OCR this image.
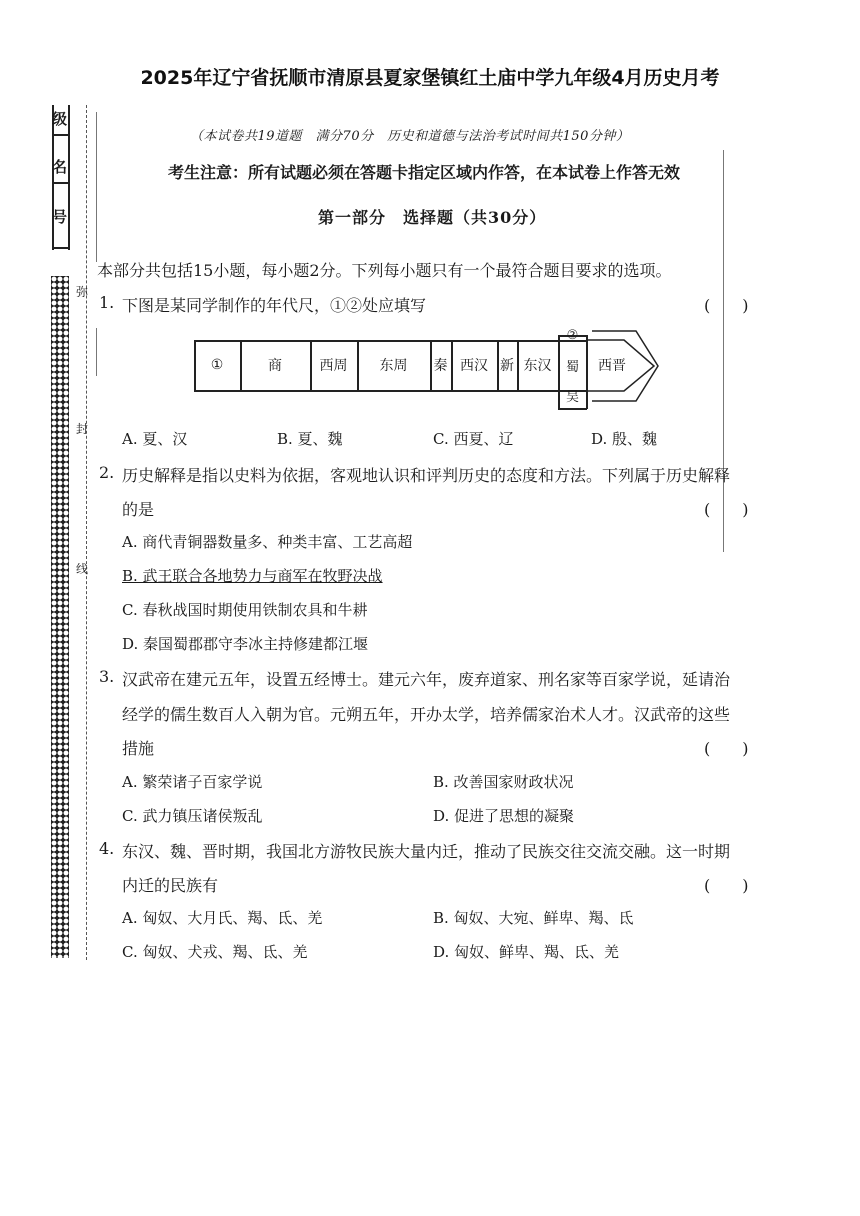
2025年辽宁省抚顺市清原县夏家堡镇红土庙中学九年级4月历史月考
级
名
号
弥
封
线
（本试卷共19道题　满分70分　历史和道德与法治考试时间共150分钟）
考生注意：所有试题必须在答题卡指定区域内作答，在本试卷上作答无效
第一部分　选择题（共30分）
本部分共包括15小题，每小题2分。下列每小题只有一个最符合题目要求的选项。
1. 下图是某同学制作的年代尺，①②处应填写	(　　)
①	商	西周	东周	秦 西汉 新 东汉
②
蜀
吴
西晋
A. 夏、汉	B. 夏、魏	C. 西夏、辽	D. 殷、魏
2. 历史解释是指以史料为依据，客观地认识和评判历史的态度和方法。下列属于历史解释
的是	(　　)
A. 商代青铜器数量多、种类丰富、工艺高超
B. 武王联合各地势力与商军在牧野决战
C. 春秋战国时期使用铁制农具和牛耕
D. 秦国蜀郡郡守李冰主持修建都江堰
3. 汉武帝在建元五年，设置五经博士。建元六年，废弃道家、刑名家等百家学说，延请治
经学的儒生数百人入朝为官。元朔五年，开办太学，培养儒家治术人才。汉武帝的这些
措施	(　　)
A. 繁荣诸子百家学说	B. 改善国家财政状况
C. 武力镇压诸侯叛乱	D. 促进了思想的凝聚
4. 东汉、魏、晋时期，我国北方游牧民族大量内迁，推动了民族交往交流交融。这一时期
内迁的民族有	(　　)
A. 匈奴、大月氏、羯、氐、羌	B. 匈奴、大宛、鲜卑、羯、氐
C. 匈奴、犬戎、羯、氐、羌	D. 匈奴、鲜卑、羯、氐、羌
